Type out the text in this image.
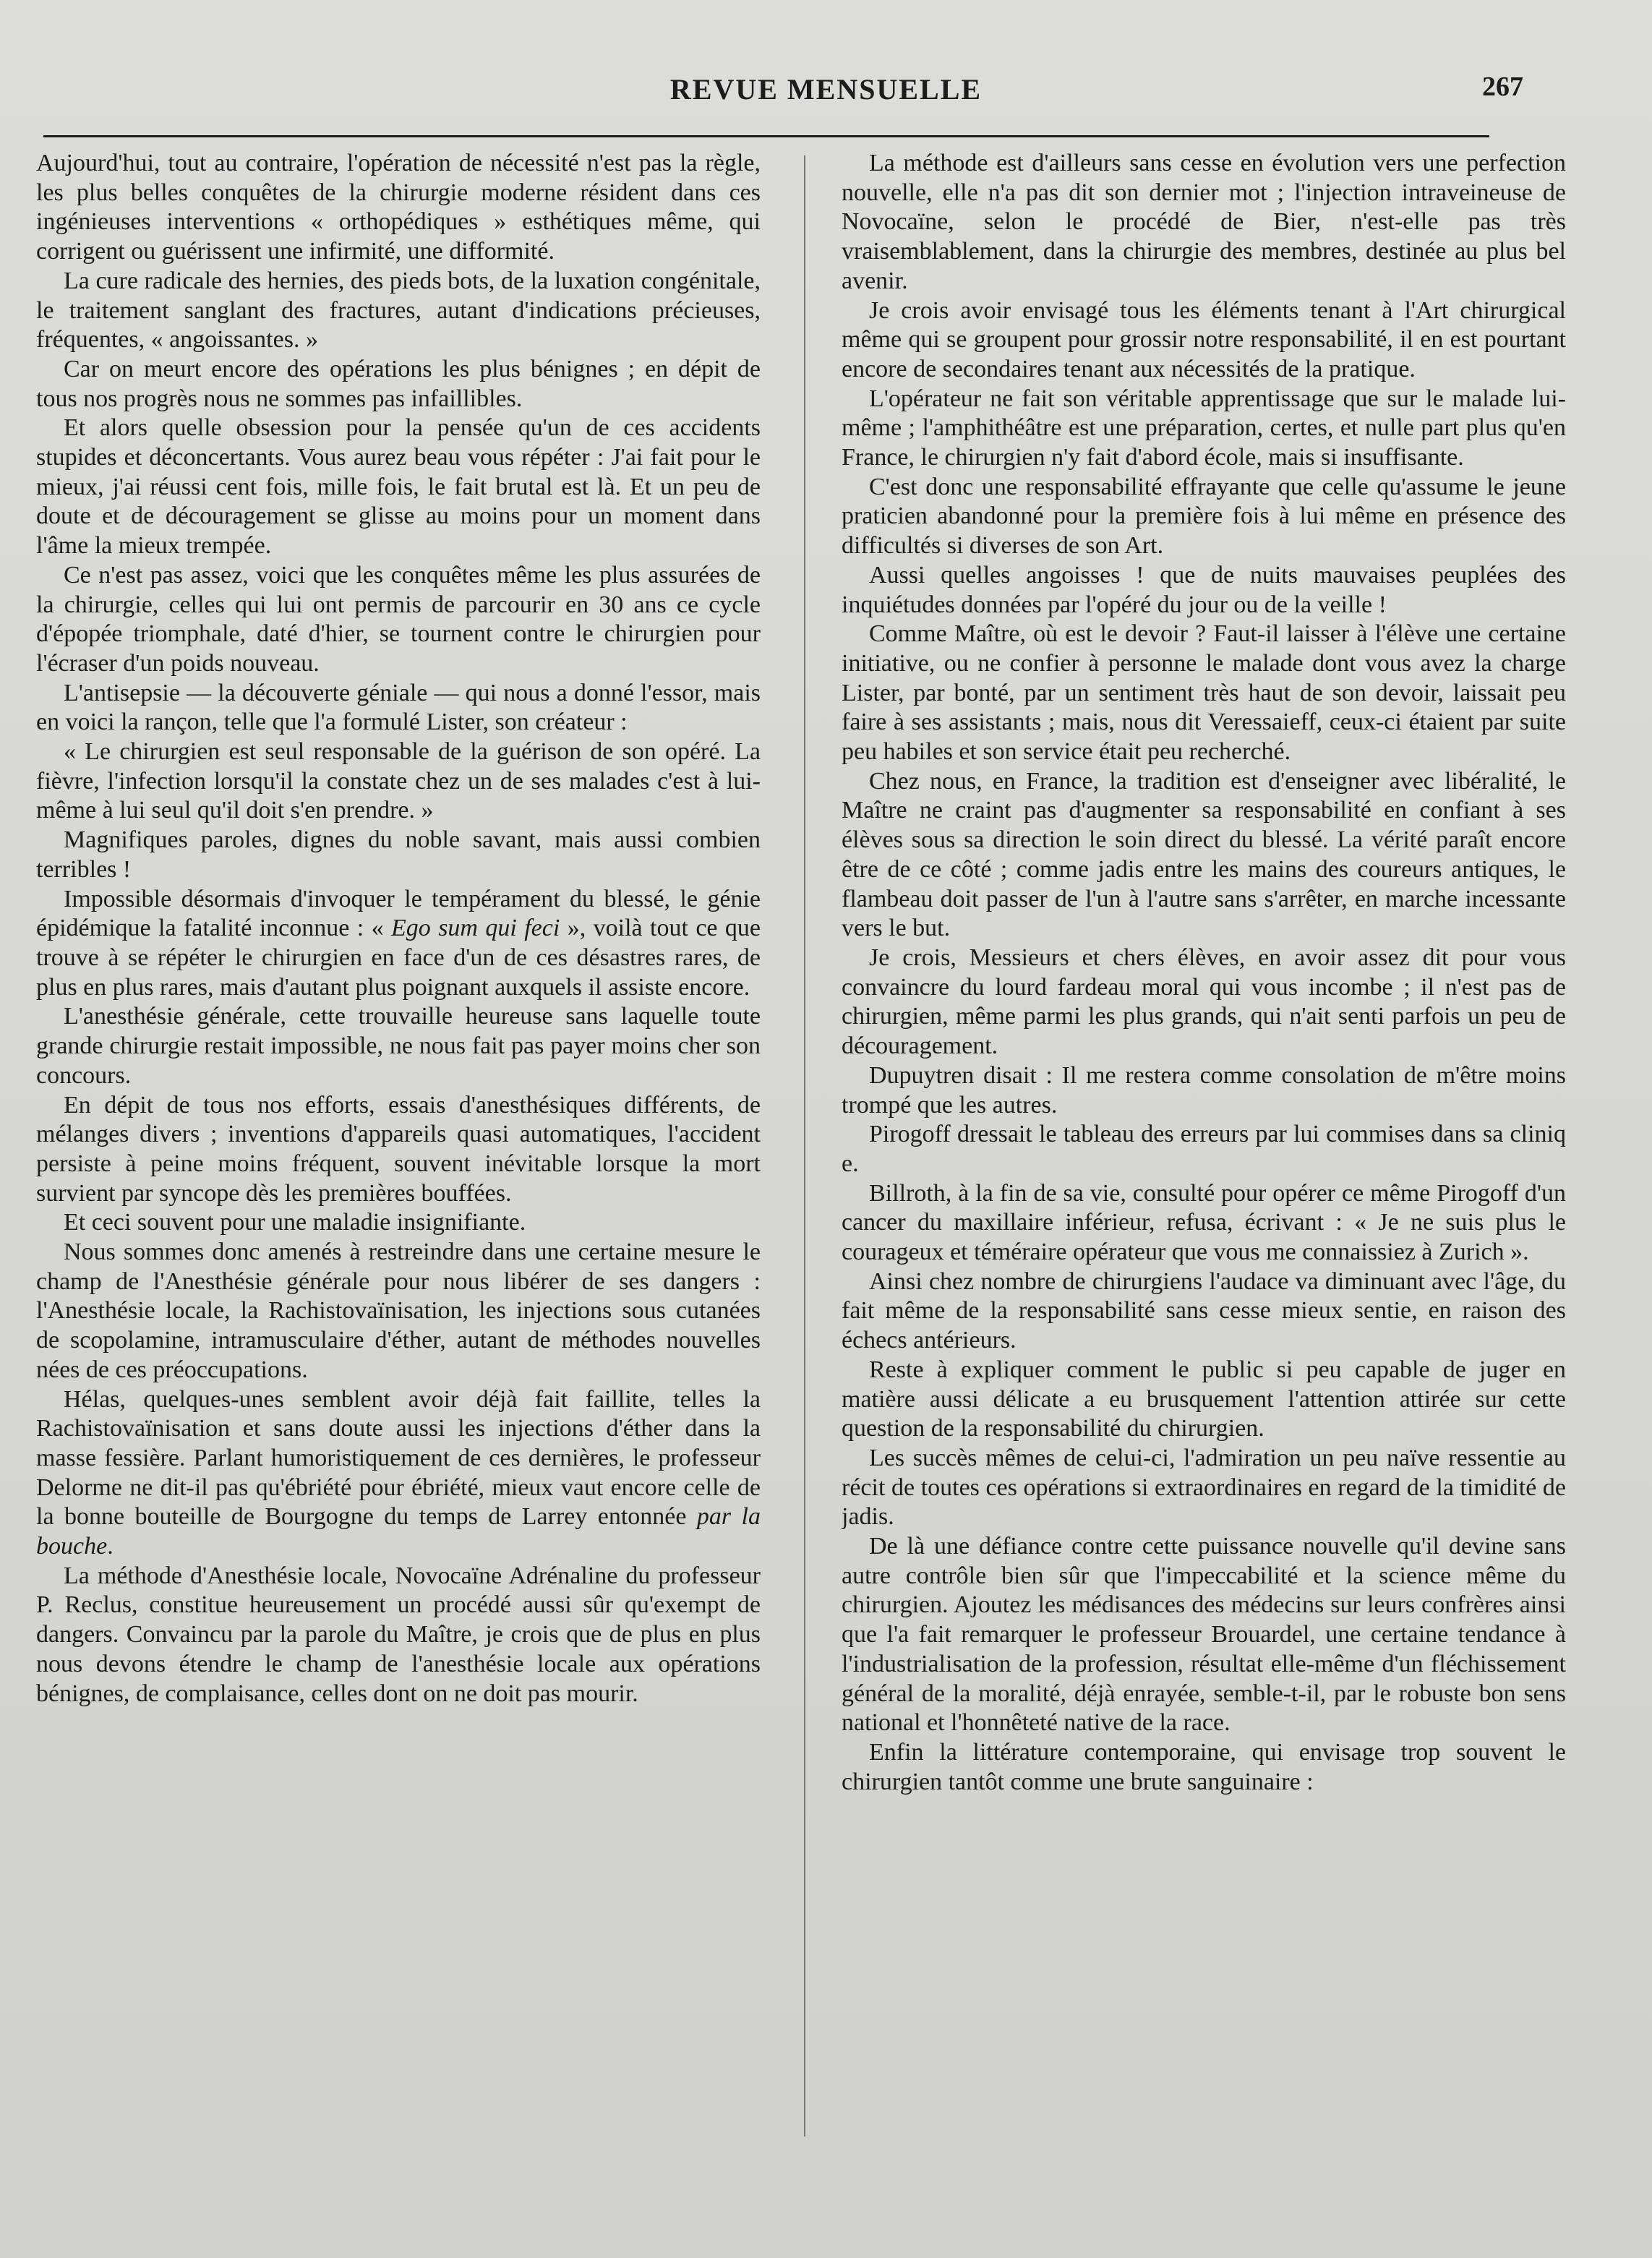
REVUE MENSUELLE	267

Aujourd'hui, tout au contraire, l'opération de nécessité n'est pas la règle, les plus belles conquêtes de la chirurgie moderne résident dans ces ingénieuses interventions « orthopédiques » esthétiques même, qui corrigent ou guérissent une infirmité, une difformité.

La cure radicale des hernies, des pieds bots, de la luxation congénitale, le traitement sanglant des fractures, autant d'indications précieuses, fréquentes, « angoissantes. »

Car on meurt encore des opérations les plus bénignes ; en dépit de tous nos progrès nous ne sommes pas infaillibles.

Et alors quelle obsession pour la pensée qu'un de ces accidents stupides et déconcertants. Vous aurez beau vous répéter : J'ai fait pour le mieux, j'ai réussi cent fois, mille fois, le fait brutal est là. Et un peu de doute et de découragement se glisse au moins pour un moment dans l'âme la mieux trempée.

Ce n'est pas assez, voici que les conquêtes même les plus assurées de la chirurgie, celles qui lui ont permis de parcourir en 30 ans ce cycle d'épopée triomphale, daté d'hier, se tournent contre le chirurgien pour l'écraser d'un poids nouveau.

L'antisepsie — la découverte géniale — qui nous a donné l'essor, mais en voici la rançon, telle que l'a formulé Lister, son créateur :

« Le chirurgien est seul responsable de la guérison de son opéré. La fièvre, l'infection lorsqu'il la constate chez un de ses malades c'est à lui-même à lui seul qu'il doit s'en prendre. »

Magnifiques paroles, dignes du noble savant, mais aussi combien terribles !

Impossible désormais d'invoquer le tempérament du blessé, le génie épidémique la fatalité inconnue : « Ego sum qui feci », voilà tout ce que trouve à se répéter le chirurgien en face d'un de ces désastres rares, de plus en plus rares, mais d'autant plus poignant auxquels il assiste encore.

L'anesthésie générale, cette trouvaille heureuse sans laquelle toute grande chirurgie restait impossible, ne nous fait pas payer moins cher son concours.

En dépit de tous nos efforts, essais d'anesthésiques différents, de mélanges divers ; inventions d'appareils quasi automatiques, l'accident persiste à peine moins fréquent, souvent inévitable lorsque la mort survient par syncope dès les premières bouffées.

Et ceci souvent pour une maladie insignifiante.

Nous sommes donc amenés à restreindre dans une certaine mesure le champ de l'Anesthésie générale pour nous libérer de ses dangers : l'Anesthésie locale, la Rachistovaïnisation, les injections sous cutanées de scopolamine, intramusculaire d'éther, autant de méthodes nouvelles nées de ces préoccupations.

Hélas, quelques-unes semblent avoir déjà fait faillite, telles la Rachistovaïnisation et sans doute aussi les injections d'éther dans la masse fessière. Parlant humoristiquement de ces dernières, le professeur Delorme ne dit-il pas qu'ébriété pour ébriété, mieux vaut encore celle de la bonne bouteille de Bourgogne du temps de Larrey entonnée par la bouche.

La méthode d'Anesthésie locale, Novocaïne Adrénaline du professeur P. Reclus, constitue heureusement un procédé aussi sûr qu'exempt de dangers. Convaincu par la parole du Maître, je crois que de plus en plus nous devons étendre le champ de l'anesthésie locale aux opérations bénignes, de complaisance, celles dont on ne doit pas mourir.

La méthode est d'ailleurs sans cesse en évolution vers une perfection nouvelle, elle n'a pas dit son dernier mot ; l'injection intraveineuse de Novocaïne, selon le procédé de Bier, n'est-elle pas très vraisemblablement, dans la chirurgie des membres, destinée au plus bel avenir.

Je crois avoir envisagé tous les éléments tenant à l'Art chirurgical même qui se groupent pour grossir notre responsabilité, il en est pourtant encore de secondaires tenant aux nécessités de la pratique.

L'opérateur ne fait son véritable apprentissage que sur le malade lui-même ; l'amphithéâtre est une préparation, certes, et nulle part plus qu'en France, le chirurgien n'y fait d'abord école, mais si insuffisante.

C'est donc une responsabilité effrayante que celle qu'assume le jeune praticien abandonné pour la première fois à lui même en présence des difficultés si diverses de son Art.

Aussi quelles angoisses ! que de nuits mauvaises peuplées des inquiétudes données par l'opéré du jour ou de la veille !

Comme Maître, où est le devoir ? Faut-il laisser à l'élève une certaine initiative, ou ne confier à personne le malade dont vous avez la charge Lister, par bonté, par un sentiment très haut de son devoir, laissait peu faire à ses assistants ; mais, nous dit Veressaieff, ceux-ci étaient par suite peu habiles et son service était peu recherché.

Chez nous, en France, la tradition est d'enseigner avec libéralité, le Maître ne craint pas d'augmenter sa responsabilité en confiant à ses élèves sous sa direction le soin direct du blessé. La vérité paraît encore être de ce côté ; comme jadis entre les mains des coureurs antiques, le flambeau doit passer de l'un à l'autre sans s'arrêter, en marche incessante vers le but.

Je crois, Messieurs et chers élèves, en avoir assez dit pour vous convaincre du lourd fardeau moral qui vous incombe ; il n'est pas de chirurgien, même parmi les plus grands, qui n'ait senti parfois un peu de découragement.

Dupuytren disait : Il me restera comme consolation de m'être moins trompé que les autres.

Pirogoff dressait le tableau des erreurs par lui commises dans sa cliniq e.

Billroth, à la fin de sa vie, consulté pour opérer ce même Pirogoff d'un cancer du maxillaire inférieur, refusa, écrivant : « Je ne suis plus le courageux et téméraire opérateur que vous me connaissiez à Zurich ».

Ainsi chez nombre de chirurgiens l'audace va diminuant avec l'âge, du fait même de la responsabilité sans cesse mieux sentie, en raison des échecs antérieurs.

Reste à expliquer comment le public si peu capable de juger en matière aussi délicate a eu brusquement l'attention attirée sur cette question de la responsabilité du chirurgien.

Les succès mêmes de celui-ci, l'admiration un peu naïve ressentie au récit de toutes ces opérations si extraordinaires en regard de la timidité de jadis.

De là une défiance contre cette puissance nouvelle qu'il devine sans autre contrôle bien sûr que l'impeccabilité et la science même du chirurgien. Ajoutez les médisances des médecins sur leurs confrères ainsi que l'a fait remarquer le professeur Brouardel, une certaine tendance à l'industrialisation de la profession, résultat elle-même d'un fléchissement général de la moralité, déjà enrayée, semble-t-il, par le robuste bon sens national et l'honnêteté native de la race.

Enfin la littérature contemporaine, qui envisage trop souvent le chirurgien tantôt comme une brute sanguinaire :
